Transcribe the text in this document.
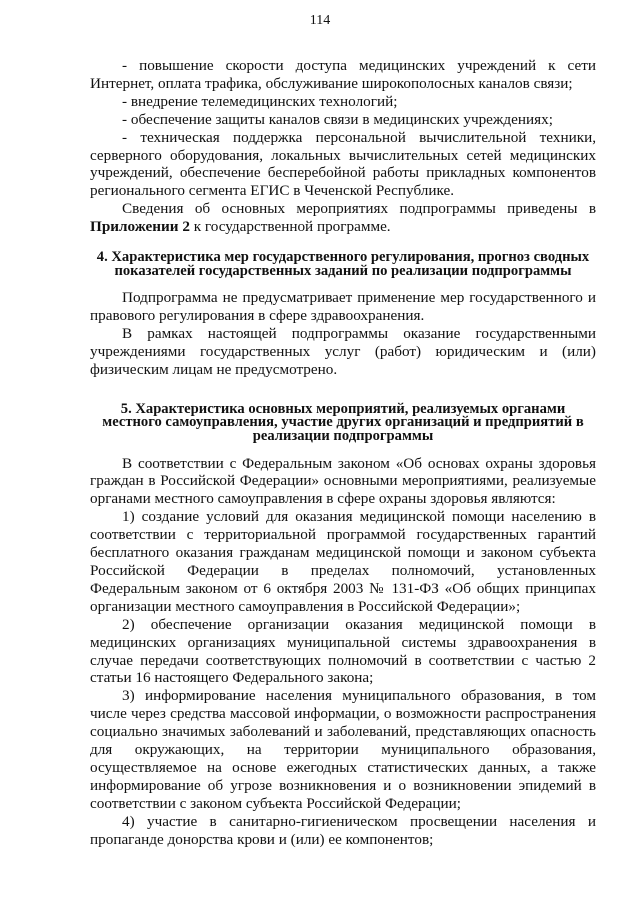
114

- повышение скорости доступа медицинских учреждений к сети Интернет, оплата трафика, обслуживание широкополосных каналов связи;

- внедрение телемедицинских технологий;

- обеспечение защиты каналов связи в медицинских учреждениях;

- техническая поддержка персональной вычислительной техники, серверного оборудования, локальных вычислительных сетей медицинских учреждений, обеспечение бесперебойной работы прикладных компонентов регионального сегмента ЕГИС в Чеченской Республике.

Сведения об основных мероприятиях подпрограммы приведены в Приложении 2 к государственной программе.

4. Характеристика мер государственного регулирования, прогноз сводных показателей государственных заданий по реализации подпрограммы

Подпрограмма не предусматривает применение мер государственного и правового регулирования в сфере здравоохранения.

В рамках настоящей подпрограммы оказание государственными учреждениями государственных услуг (работ) юридическим и (или) физическим лицам не предусмотрено.

5. Характеристика основных мероприятий, реализуемых органами местного самоуправления, участие других организаций и предприятий в реализации подпрограммы

В соответствии с Федеральным законом «Об основах охраны здоровья граждан в Российской Федерации» основными мероприятиями, реализуемые органами местного самоуправления в сфере охраны здоровья являются:

1) создание условий для оказания медицинской помощи населению в соответствии с территориальной программой государственных гарантий бесплатного оказания гражданам медицинской помощи и законом субъекта Российской Федерации в пределах полномочий, установленных Федеральным законом от 6 октября 2003 № 131-ФЗ «Об общих принципах организации местного самоуправления в Российской Федерации»;

2) обеспечение организации оказания медицинской помощи в медицинских организациях муниципальной системы здравоохранения в случае передачи соответствующих полномочий в соответствии с частью 2 статьи 16 настоящего Федерального закона;

3) информирование населения муниципального образования, в том числе через средства массовой информации, о возможности распространения социально значимых заболеваний и заболеваний, представляющих опасность для окружающих, на территории муниципального образования, осуществляемое на основе ежегодных статистических данных, а также информирование об угрозе возникновения и о возникновении эпидемий в соответствии с законом субъекта Российской Федерации;

4) участие в санитарно-гигиеническом просвещении населения и пропаганде донорства крови и (или) ее компонентов;
